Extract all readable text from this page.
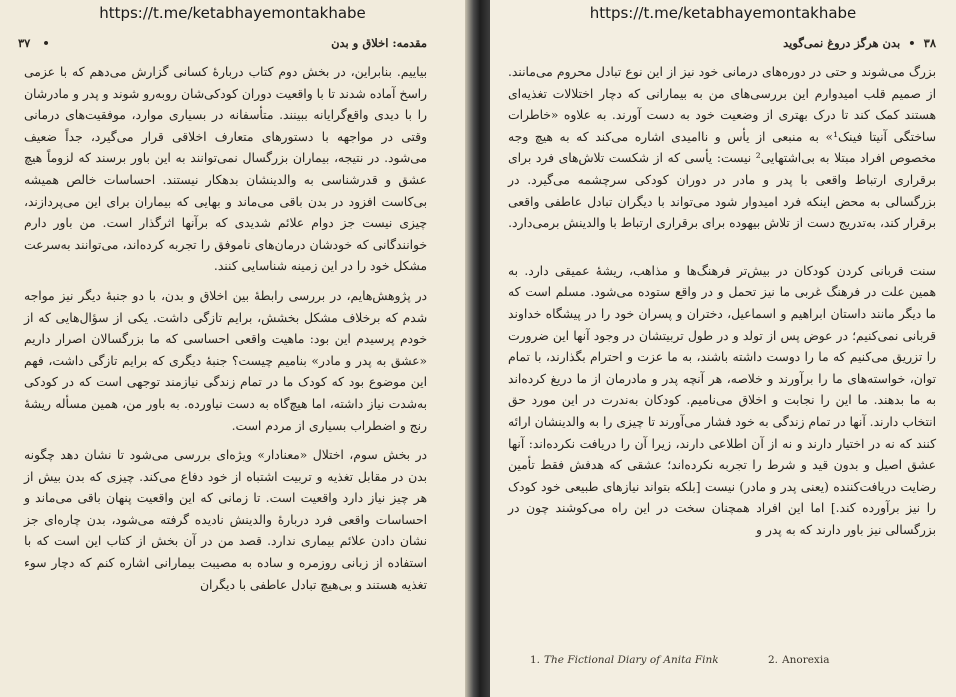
https://t.me/ketabhayemontakhabe
مقدمه: اخلاق و بدن
•   ۳۷

بیاییم. بنابراین، در بخش دوم کتاب دربارهٔ کسانی گزارش می‌دهم که با عزمی راسخ آماده شدند تا با واقعیت دوران کودکی‌شان روبه‌رو شوند و پدر و مادرشان را با دیدی واقع‌گرایانه ببینند. متأسفانه در بسیاری موارد، موفقیت‌های درمانی وقتی در مواجهه با دستورهای متعارف اخلاقی قرار می‌گیرد، جداً ضعیف می‌شود. در نتیجه، بیماران بزرگسال نمی‌توانند به این باور برسند که لزوماً هیچ عشق و قدرشناسی به والدینشان بدهکار نیستند. احساسات خالص همیشه بی‌کاست افزود در بدن باقی می‌ماند و بهایی که بیماران برای این می‌پردازند، چیزی نیست جز دوام علائم شدیدی که برآنها اثرگذار است. من باور دارم خوانندگانی که خودشان درمان‌های ناموفق را تجربه کرده‌اند، می‌توانند به‌سرعت مشکل خود را در این زمینه شناسایی کنند.

در پژوهش‌هایم، در بررسی رابطهٔ بین اخلاق و بدن، با دو جنبهٔ دیگر نیز مواجه شدم که برخلاف مشکل بخشش، برایم تازگی داشت. یکی از سؤال‌هایی که از خودم پرسیدم این بود: ماهیت واقعی احساسی که ما بزرگسالان اصرار داریم «عشق به پدر و مادر» بنامیم چیست؟ جنبهٔ دیگری که برایم تازگی داشت، فهم این موضوع بود که کودک ما در تمام زندگی نیازمند توجهی است که در کودکی به‌شدت نیاز داشته، اما هیچ‌گاه به دست نیاورده. به باور من، همین مسأله ریشهٔ رنج و اضطراب بسیاری از مردم است.

در بخش سوم، اختلال «معنادار» ویژه‌ای بررسی می‌شود تا نشان دهد چگونه بدن در مقابل تغذیه و تربیت اشتباه از خود دفاع می‌کند. چیزی که بدن بیش از هر چیز نیاز دارد واقعیت است. تا زمانی که این واقعیت پنهان باقی می‌ماند و احساسات واقعی فرد دربارهٔ والدینش نادیده گرفته می‌شود، بدن چاره‌ای جز نشان دادن علائم بیماری ندارد. قصد من در آن بخش از کتاب این است که با استفاده از زبانی روزمره و ساده به مصیبت بیمارانی اشاره کنم که دچار سوء تغذیه هستند و بی‌هیچ تبادل عاطفی با دیگران

https://t.me/ketabhayemontakhabe
۳۸  •  بدن هرگز دروغ نمی‌گوید

بزرگ می‌شوند و حتی در دوره‌های درمانی خود نیز از این نوع تبادل محروم می‌مانند. از صمیم قلب امیدوارم این بررسی‌های من به بیمارانی که دچار اختلالات تغذیه‌ای هستند کمک کند تا درک بهتری از وضعیت خود به دست آورند. به علاوه «خاطرات ساختگی آنیتا فینک¹» به منبعی از یأس و ناامیدی اشاره می‌کند که به هیچ وجه مخصوص افراد مبتلا به بی‌اشتهایی² نیست: یأسی که از شکست تلاش‌های فرد برای برقراری ارتباط واقعی با پدر و مادر در دوران کودکی سرچشمه می‌گیرد. در بزرگسالی به محض اینکه فرد امیدوار شود می‌تواند با دیگران تبادل عاطفی واقعی برقرار کند، به‌تدریج دست از تلاش بیهوده برای برقراری ارتباط با والدینش برمی‌دارد.

سنت قربانی کردن کودکان در بیش‌تر فرهنگ‌ها و مذاهب، ریشهٔ عمیقی دارد. به همین علت در فرهنگ غربی ما نیز تحمل و در واقع ستوده می‌شود. مسلم است که ما دیگر مانند داستان ابراهیم و اسماعیل، دختران و پسران خود را در پیشگاه خداوند قربانی نمی‌کنیم؛ در عوض پس از تولد و در طول تربیتشان در وجود آنها این ضرورت را تزریق می‌کنیم که ما را دوست داشته باشند، به ما عزت و احترام بگذارند، با تمام توان، خواسته‌های ما را برآورند و خلاصه، هر آنچه پدر و مادرمان از ما دریغ کرده‌اند به ما بدهند. ما این را نجابت و اخلاق می‌نامیم. کودکان به‌ندرت در این مورد حق انتخاب دارند. آنها در تمام زندگی به خود فشار می‌آورند تا چیزی را به والدینشان ارائه کنند که نه در اختیار دارند و نه از آن اطلاعی دارند، زیرا آن را دریافت نکرده‌اند: آنها عشق اصیل و بدون قید و شرط را تجربه نکرده‌اند؛ عشقی که هدفش فقط تأمین رضایت دریافت‌کننده (یعنی پدر و مادر) نیست [بلکه بتواند نیازهای طبیعی خود کودک را نیز برآورده کند.] اما این افراد همچنان سخت در این راه می‌کوشند چون در بزرگسالی نیز باور دارند که به پدر و

1. The Fictional Diary of Anita Fink	2. Anorexia
